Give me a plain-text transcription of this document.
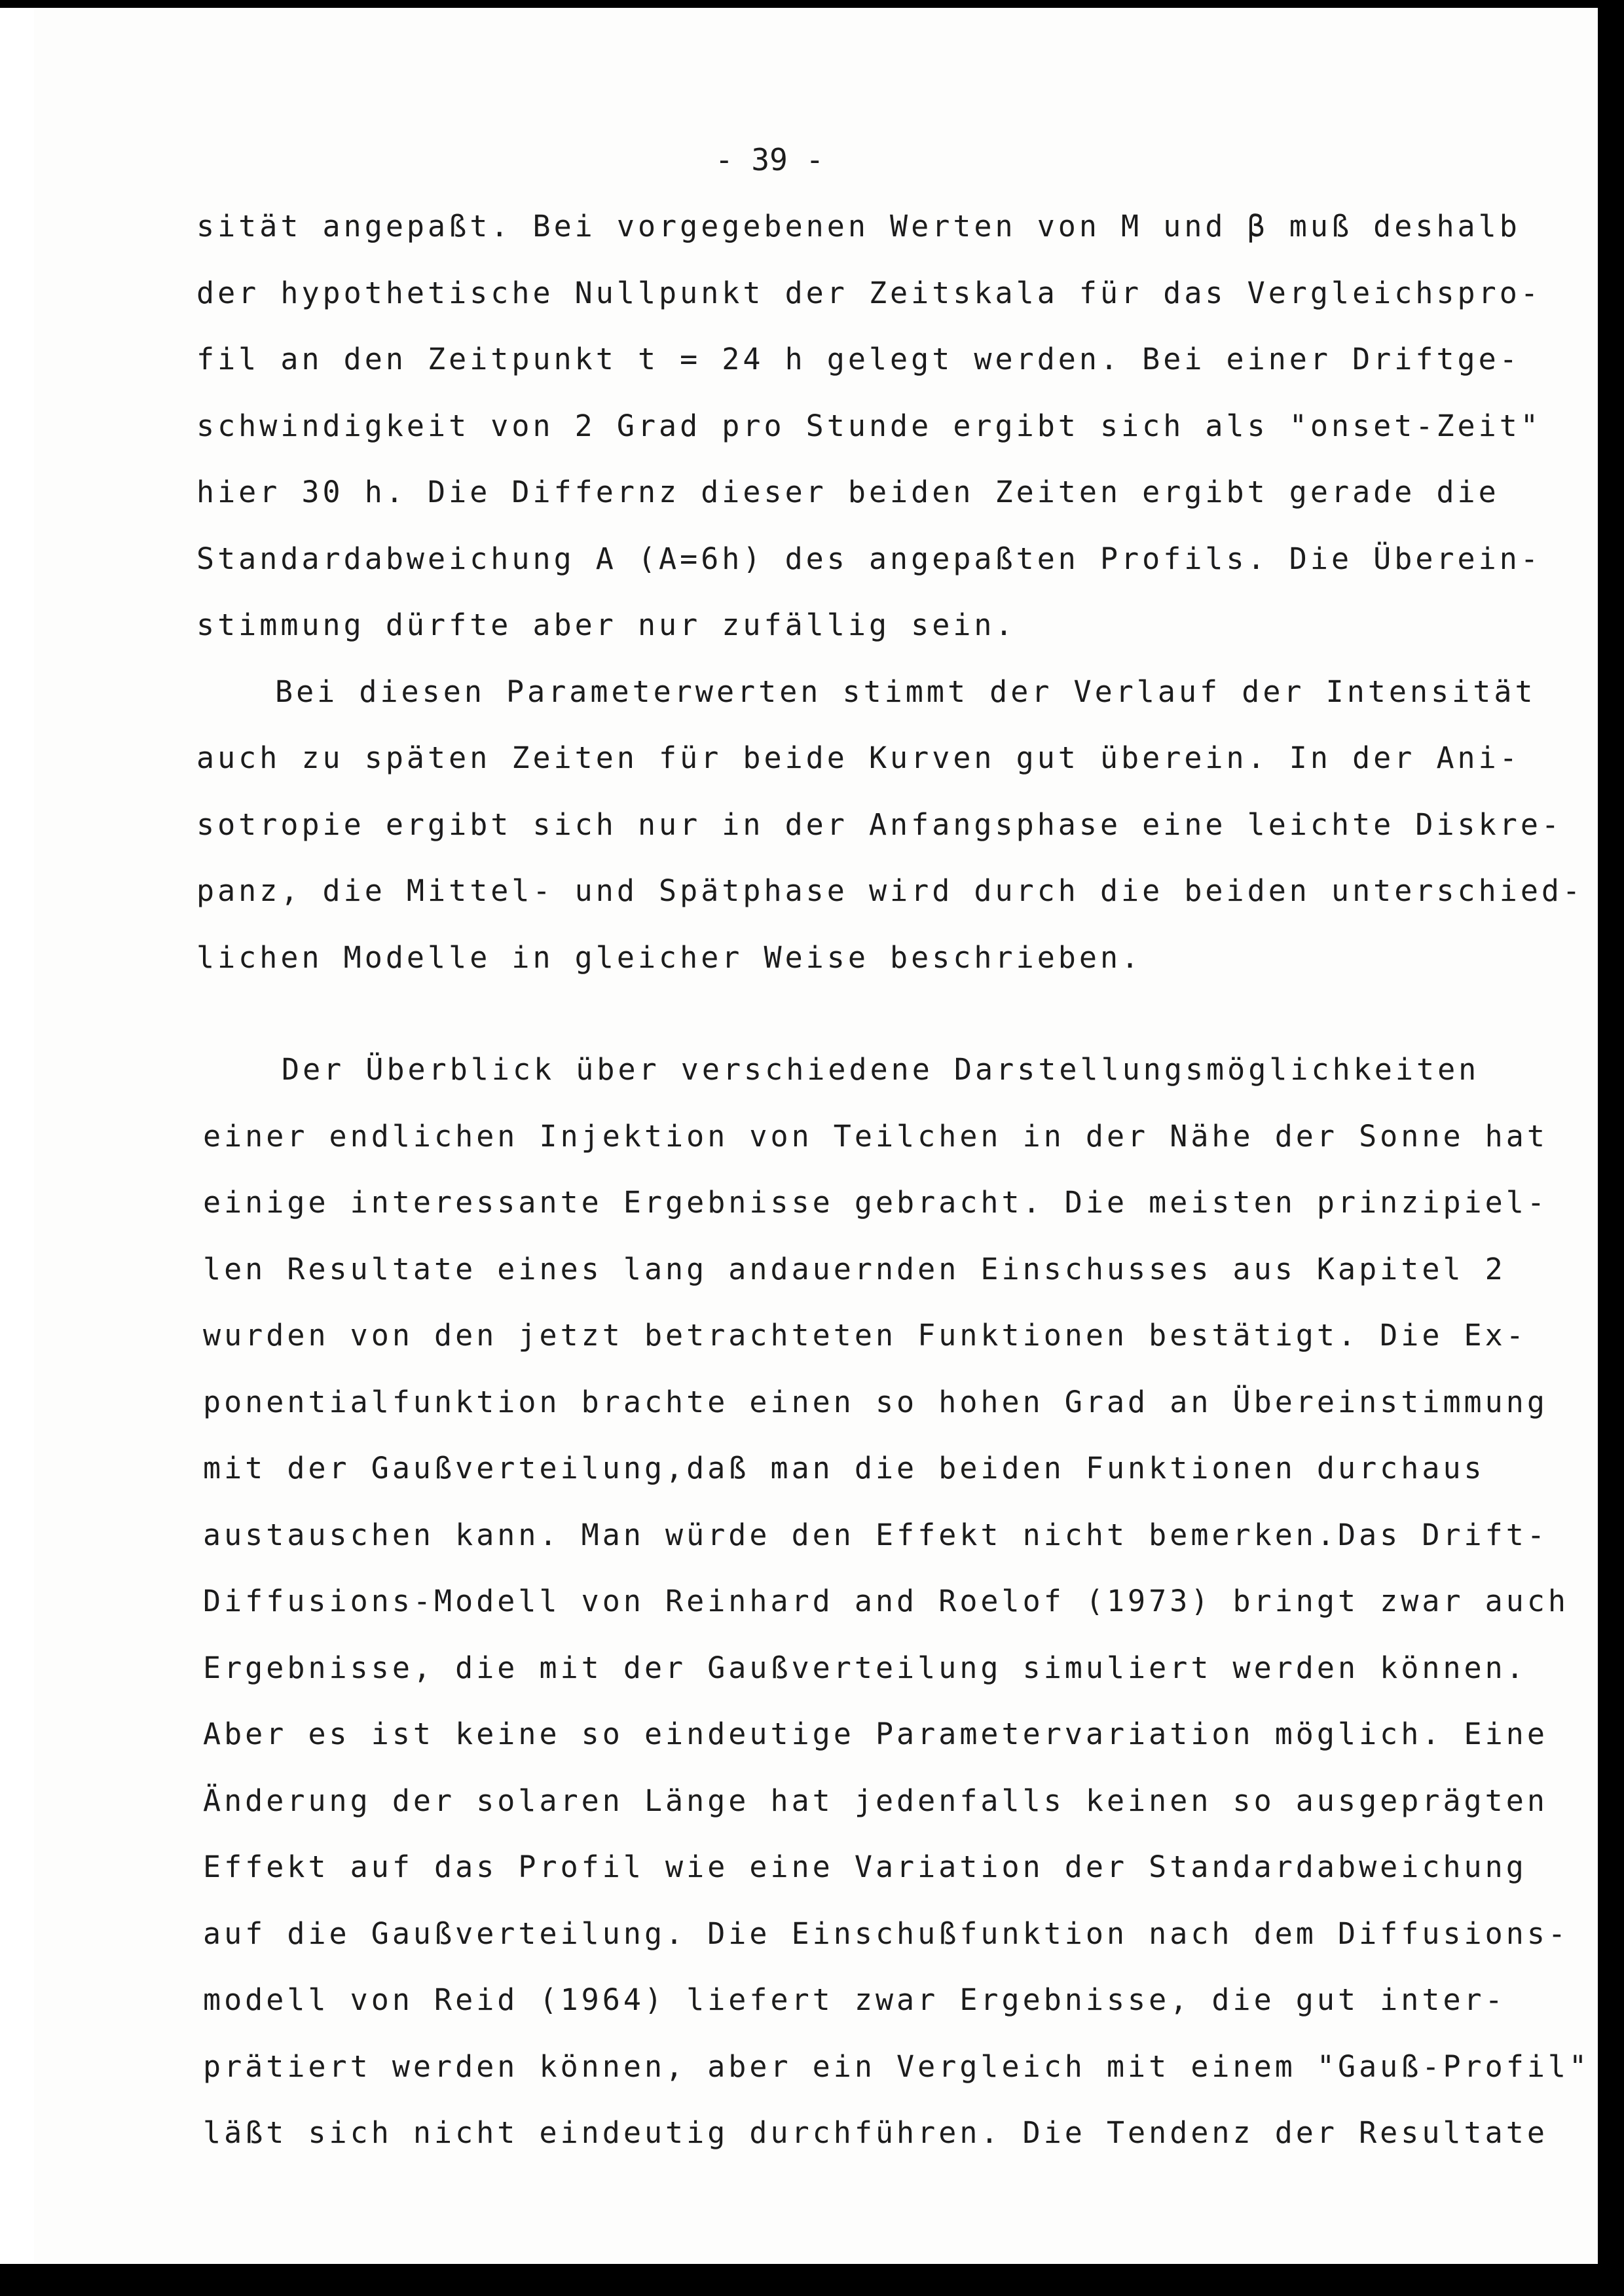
- 39 -
sität angepaßt. Bei vorgegebenen Werten von M und β muß deshalb
der hypothetische Nullpunkt der Zeitskala für das Vergleichspro-
fil an den Zeitpunkt t = 24 h gelegt werden. Bei einer Driftge-
schwindigkeit von 2 Grad pro Stunde ergibt sich als "onset-Zeit"
hier 30 h. Die Differnz dieser beiden Zeiten ergibt gerade die
Standardabweichung A (A=6h) des angepaßten Profils. Die Überein-
stimmung dürfte aber nur zufällig sein.
Bei diesen Parameterwerten stimmt der Verlauf der Intensität
auch zu späten Zeiten für beide Kurven gut überein. In der Ani-
sotropie ergibt sich nur in der Anfangsphase eine leichte Diskre-
panz, die Mittel- und Spätphase wird durch die beiden unterschied-
lichen Modelle in gleicher Weise beschrieben.
Der Überblick über verschiedene Darstellungsmöglichkeiten
einer endlichen Injektion von Teilchen in der Nähe der Sonne hat
einige interessante Ergebnisse gebracht. Die meisten prinzipiel-
len Resultate eines lang andauernden Einschusses aus Kapitel 2
wurden von den jetzt betrachteten Funktionen bestätigt. Die Ex-
ponentialfunktion brachte einen so hohen Grad an Übereinstimmung
mit der Gaußverteilung,daß man die beiden Funktionen durchaus
austauschen kann. Man würde den Effekt nicht bemerken.Das Drift-
Diffusions-Modell von Reinhard and Roelof (1973) bringt zwar auch
Ergebnisse, die mit der Gaußverteilung simuliert werden können.
Aber es ist keine so eindeutige Parametervariation möglich. Eine
Änderung der solaren Länge hat jedenfalls keinen so ausgeprägten
Effekt auf das Profil wie eine Variation der Standardabweichung
auf die Gaußverteilung. Die Einschußfunktion nach dem Diffusions-
modell von Reid (1964) liefert zwar Ergebnisse, die gut inter-
prätiert werden können, aber ein Vergleich mit einem "Gauß-Profil"
läßt sich nicht eindeutig durchführen. Die Tendenz der Resultate
